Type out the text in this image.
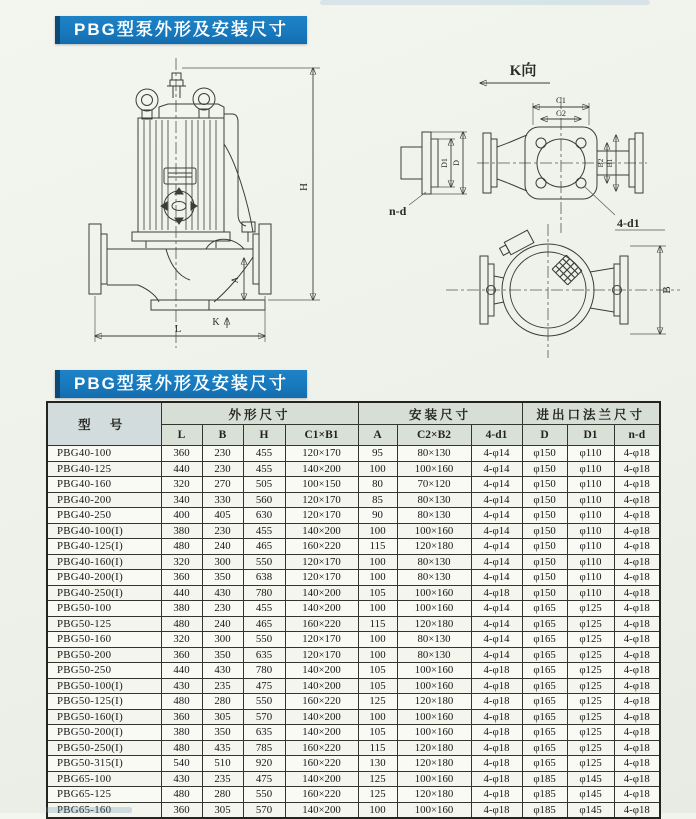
PBG型泵外形及安装尺寸
H
A
L
K
K向
D1 D
n-d
C1
C2
B2 B1
4-d1
B
PBG型泵外形及安装尺寸
型 号	外形尺寸				安装尺寸			进出口法兰尺寸		
	L	B	H	C1×B1	A	C2×B2	4-d1	D	D1	n-d
PBG40-100	360	230	455	120×170	95	80×130	4-φ14	φ150	φ110	4-φ18
PBG40-125	440	230	455	140×200	100	100×160	4-φ14	φ150	φ110	4-φ18
PBG40-160	320	270	505	100×150	80	70×120	4-φ14	φ150	φ110	4-φ18
PBG40-200	340	330	560	120×170	85	80×130	4-φ14	φ150	φ110	4-φ18
PBG40-250	400	405	630	120×170	90	80×130	4-φ14	φ150	φ110	4-φ18
PBG40-100(I)	380	230	455	140×200	100	100×160	4-φ14	φ150	φ110	4-φ18
PBG40-125(I)	480	240	465	160×220	115	120×180	4-φ14	φ150	φ110	4-φ18
PBG40-160(I)	320	300	550	120×170	100	80×130	4-φ14	φ150	φ110	4-φ18
PBG40-200(I)	360	350	638	120×170	100	80×130	4-φ14	φ150	φ110	4-φ18
PBG40-250(I)	440	430	780	140×200	105	100×160	4-φ18	φ150	φ110	4-φ18
PBG50-100	380	230	455	140×200	100	100×160	4-φ14	φ165	φ125	4-φ18
PBG50-125	480	240	465	160×220	115	120×180	4-φ14	φ165	φ125	4-φ18
PBG50-160	320	300	550	120×170	100	80×130	4-φ14	φ165	φ125	4-φ18
PBG50-200	360	350	635	120×170	100	80×130	4-φ14	φ165	φ125	4-φ18
PBG50-250	440	430	780	140×200	105	100×160	4-φ18	φ165	φ125	4-φ18
PBG50-100(I)	430	235	475	140×200	105	100×160	4-φ18	φ165	φ125	4-φ18
PBG50-125(I)	480	280	550	160×220	125	120×180	4-φ18	φ165	φ125	4-φ18
PBG50-160(I)	360	305	570	140×200	100	100×160	4-φ18	φ165	φ125	4-φ18
PBG50-200(I)	380	350	635	140×200	105	100×160	4-φ18	φ165	φ125	4-φ18
PBG50-250(I)	480	435	785	160×220	115	120×180	4-φ18	φ165	φ125	4-φ18
PBG50-315(I)	540	510	920	160×220	130	120×180	4-φ18	φ165	φ125	4-φ18
PBG65-100	430	235	475	140×200	125	100×160	4-φ18	φ185	φ145	4-φ18
PBG65-125	480	280	550	160×220	125	120×180	4-φ18	φ185	φ145	4-φ18
PBG65-160	360	305	570	140×200	100	100×160	4-φ18	φ185	φ145	4-φ18
